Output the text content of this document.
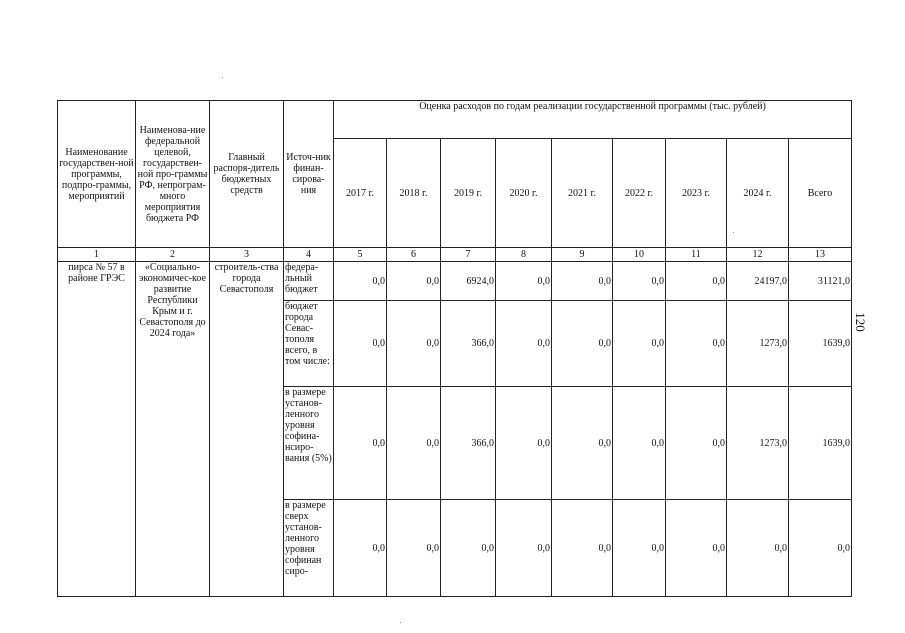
120
Наименование государствен-ной программы, подпро-граммы, мероприятий	Наименова-ние федеральной целевой, государствен-ной про-граммы РФ, непрограм-много мероприятия бюджета РФ	Главный распоря-дитель бюджетных средств	Источ-ник финан-сирова-ния	Оценка расходов по годам реализации государственной программы (тыс. рублей)								
				2017 г.	2018 г.	2019 г.	2020 г.	2021 г.	2022 г.	2023 г.	2024 г.	Всего
1	2	3	4	5	6	7	8	9	10	11	12	13
пирса № 57 в районе ГРЭС	«Социально-экономичес-кое развитие Республики Крым и г. Севастополя до 2024 года»	строитель-ства города Севастополя	федера-льный бюджет	0,0	0,0	6924,0	0,0	0,0	0,0	0,0	24197,0	31121,0
			бюджет города Севас-тополя всего, в том числе:	0,0	0,0	366,0	0,0	0,0	0,0	0,0	1273,0	1639,0
			в размере установ-ленного уровня софина-нсиро-вания (5%)	0,0	0,0	366,0	0,0	0,0	0,0	0,0	1273,0	1639,0
			в размере сверх установ-ленного уровня софинан сиро-	0,0	0,0	0,0	0,0	0,0	0,0	0,0	0,0	0,0
